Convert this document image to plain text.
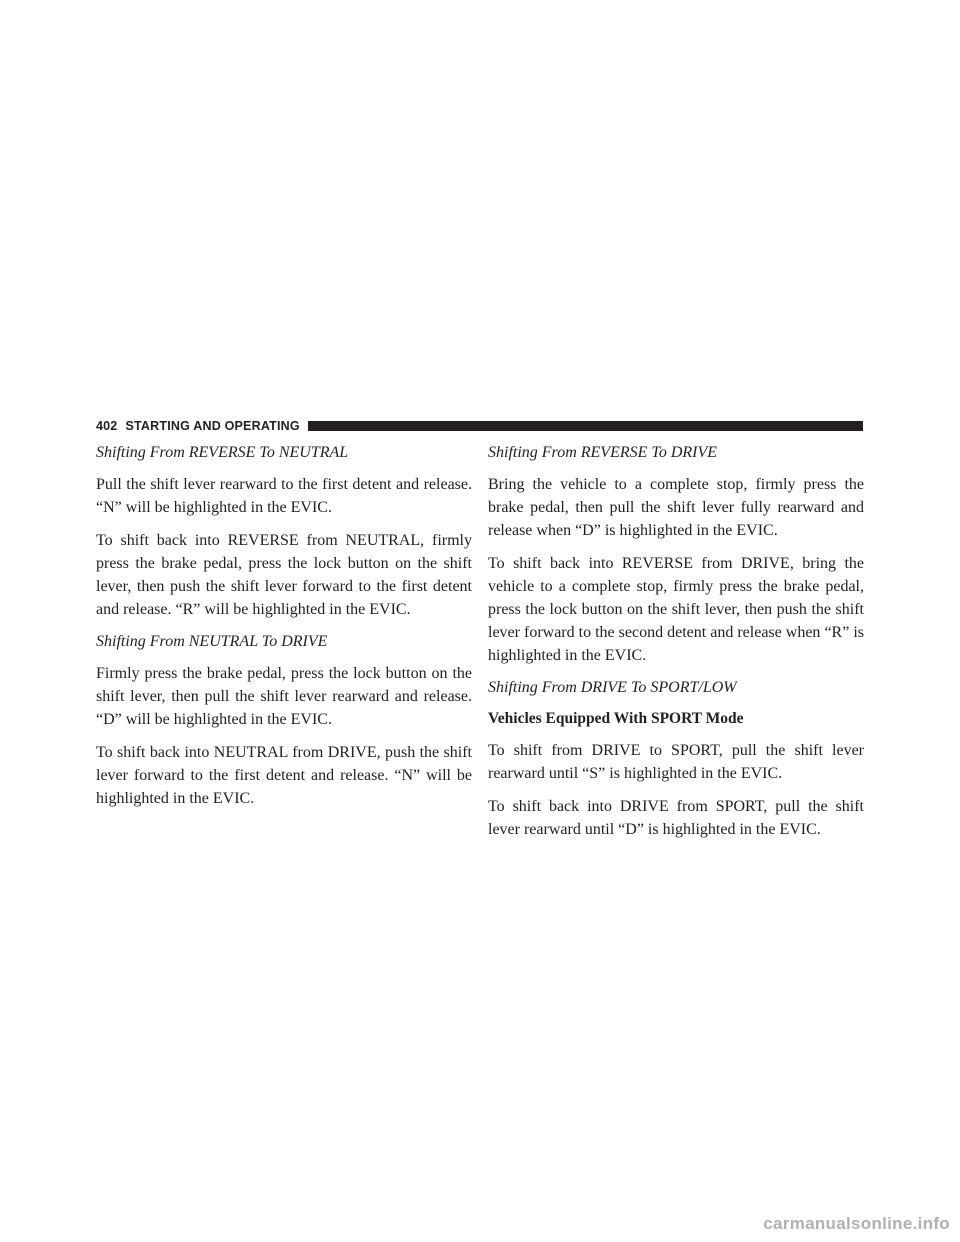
402 STARTING AND OPERATING
Shifting From REVERSE To NEUTRAL

Pull the shift lever rearward to the first detent and release. “N” will be highlighted in the EVIC.

To shift back into REVERSE from NEUTRAL, firmly press the brake pedal, press the lock button on the shift lever, then push the shift lever forward to the first detent and release. “R” will be highlighted in the EVIC.

Shifting From NEUTRAL To DRIVE

Firmly press the brake pedal, press the lock button on the shift lever, then pull the shift lever rearward and release. “D” will be highlighted in the EVIC.

To shift back into NEUTRAL from DRIVE, push the shift lever forward to the first detent and release. “N” will be highlighted in the EVIC.

Shifting From REVERSE To DRIVE

Bring the vehicle to a complete stop, firmly press the brake pedal, then pull the shift lever fully rearward and release when “D” is highlighted in the EVIC.

To shift back into REVERSE from DRIVE, bring the vehicle to a complete stop, firmly press the brake pedal, press the lock button on the shift lever, then push the shift lever forward to the second detent and release when “R” is highlighted in the EVIC.

Shifting From DRIVE To SPORT/LOW
Vehicles Equipped With SPORT Mode

To shift from DRIVE to SPORT, pull the shift lever rearward until “S” is highlighted in the EVIC.

To shift back into DRIVE from SPORT, pull the shift lever rearward until “D” is highlighted in the EVIC.

carmanualsonline.info
